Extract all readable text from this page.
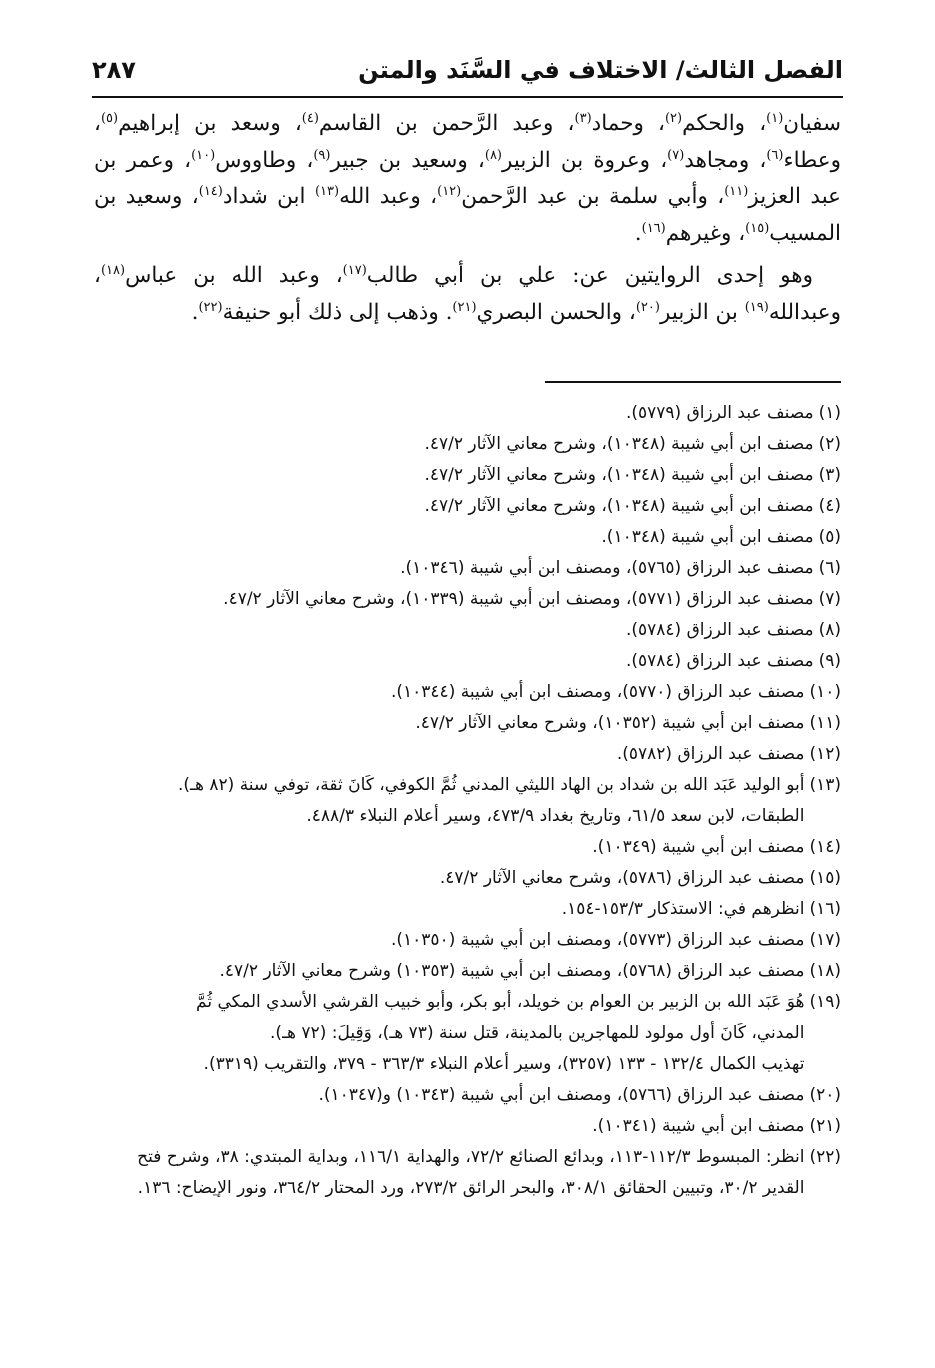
الفصل الثالث/ الاختلاف في السَّنَد والمتن
٢٨٧

سفيان$^{(١)}$، والحكم$^{(٢)}$، وحماد$^{(٣)}$، وعبد الرَّحمن بن القاسم$^{(٤)}$، وسعد بن إبراهيم$^{(٥)}$، وعطاء$^{(٦)}$، ومجاهد$^{(٧)}$، وعروة بن الزبير$^{(٨)}$، وسعيد بن جبير$^{(٩)}$، وطاووس$^{(١٠)}$، وعمر بن عبد العزيز$^{(١١)}$، وأبي سلمة بن عبد الرَّحمن$^{(١٢)}$، وعبد الله$^{(١٣)}$ ابن شداد$^{(١٤)}$، وسعيد بن المسيب$^{(١٥)}$، وغيرهم$^{(١٦)}$.

وهو إحدى الروايتين عن: علي بن أبي طالب$^{(١٧)}$، وعبد الله بن عباس$^{(١٨)}$، وعبدالله$^{(١٩)}$ بن الزبير$^{(٢٠)}$، والحسن البصري$^{(٢١)}$. وذهب إلى ذلك أبو حنيفة$^{(٢٢)}$.

(١)
مصنف عبد الرزاق (٥٧٧٩).
(٢)
مصنف ابن أبي شيبة (١٠٣٤٨)، وشرح معاني الآثار ٤٧/٢.
(٣)
مصنف ابن أبي شيبة (١٠٣٤٨)، وشرح معاني الآثار ٤٧/٢.
(٤)
مصنف ابن أبي شيبة (١٠٣٤٨)، وشرح معاني الآثار ٤٧/٢.
(٥)
مصنف ابن أبي شيبة (١٠٣٤٨).
(٦)
مصنف عبد الرزاق (٥٧٦٥)، ومصنف ابن أبي شيبة (١٠٣٤٦).
(٧)
مصنف عبد الرزاق (٥٧٧١)، ومصنف ابن أبي شيبة (١٠٣٣٩)، وشرح معاني الآثار ٤٧/٢.
(٨)
مصنف عبد الرزاق (٥٧٨٤).
(٩)
مصنف عبد الرزاق (٥٧٨٤).
(١٠)
مصنف عبد الرزاق (٥٧٧٠)، ومصنف ابن أبي شيبة (١٠٣٤٤).
(١١)
مصنف ابن أبي شيبة (١٠٣٥٢)، وشرح معاني الآثار ٤٧/٢.
(١٢)
مصنف عبد الرزاق (٥٧٨٢).
(١٣)
أبو الوليد عَبَد الله بن شداد بن الهاد الليثي المدني ثُمَّ الكوفي، كَانَ ثقة، توفي سنة (٨٢ هـ).
الطبقات، لابن سعد ٦١/٥، وتاريخ بغداد ٤٧٣/٩، وسير أعلام النبلاء ٤٨٨/٣.
(١٤)
مصنف ابن أبي شيبة (١٠٣٤٩).
(١٥)
مصنف عبد الرزاق (٥٧٨٦)، وشرح معاني الآثار ٤٧/٢.
(١٦)
انظرهم في: الاستذكار ١٥٣/٣-١٥٤.
(١٧)
مصنف عبد الرزاق (٥٧٧٣)، ومصنف ابن أبي شيبة (١٠٣٥٠).
(١٨)
مصنف عبد الرزاق (٥٧٦٨)، ومصنف ابن أبي شيبة (١٠٣٥٣) وشرح معاني الآثار ٤٧/٢.
(١٩)
هُوَ عَبَد الله بن الزبير بن العوام بن خويلد، أبو بكر، وأبو خبيب القرشي الأسدي المكي ثُمَّ
المدني، كَانَ أول مولود للمهاجرين بالمدينة، قتل سنة (٧٣ هـ)، وَقِيلَ: (٧٢ هـ).
تهذيب الكمال ١٣٢/٤ - ١٣٣ (٣٢٥٧)، وسير أعلام النبلاء ٣٦٣/٣ - ٣٧٩، والتقريب (٣٣١٩).
(٢٠)
مصنف عبد الرزاق (٥٧٦٦)، ومصنف ابن أبي شيبة (١٠٣٤٣) و(١٠٣٤٧).
(٢١)
مصنف ابن أبي شيبة (١٠٣٤١).
(٢٢)
انظر: المبسوط ١١٢/٣-١١٣، وبدائع الصنائع ٧٢/٢، والهداية ١١٦/١، وبداية المبتدي: ٣٨، وشرح فتح القدير ٣٠/٢، وتبيين الحقائق ٣٠٨/١، والبحر الرائق ٢٧٣/٢، ورد المحتار ٣٦٤/٢، ونور الإيضاح: ١٣٦.
